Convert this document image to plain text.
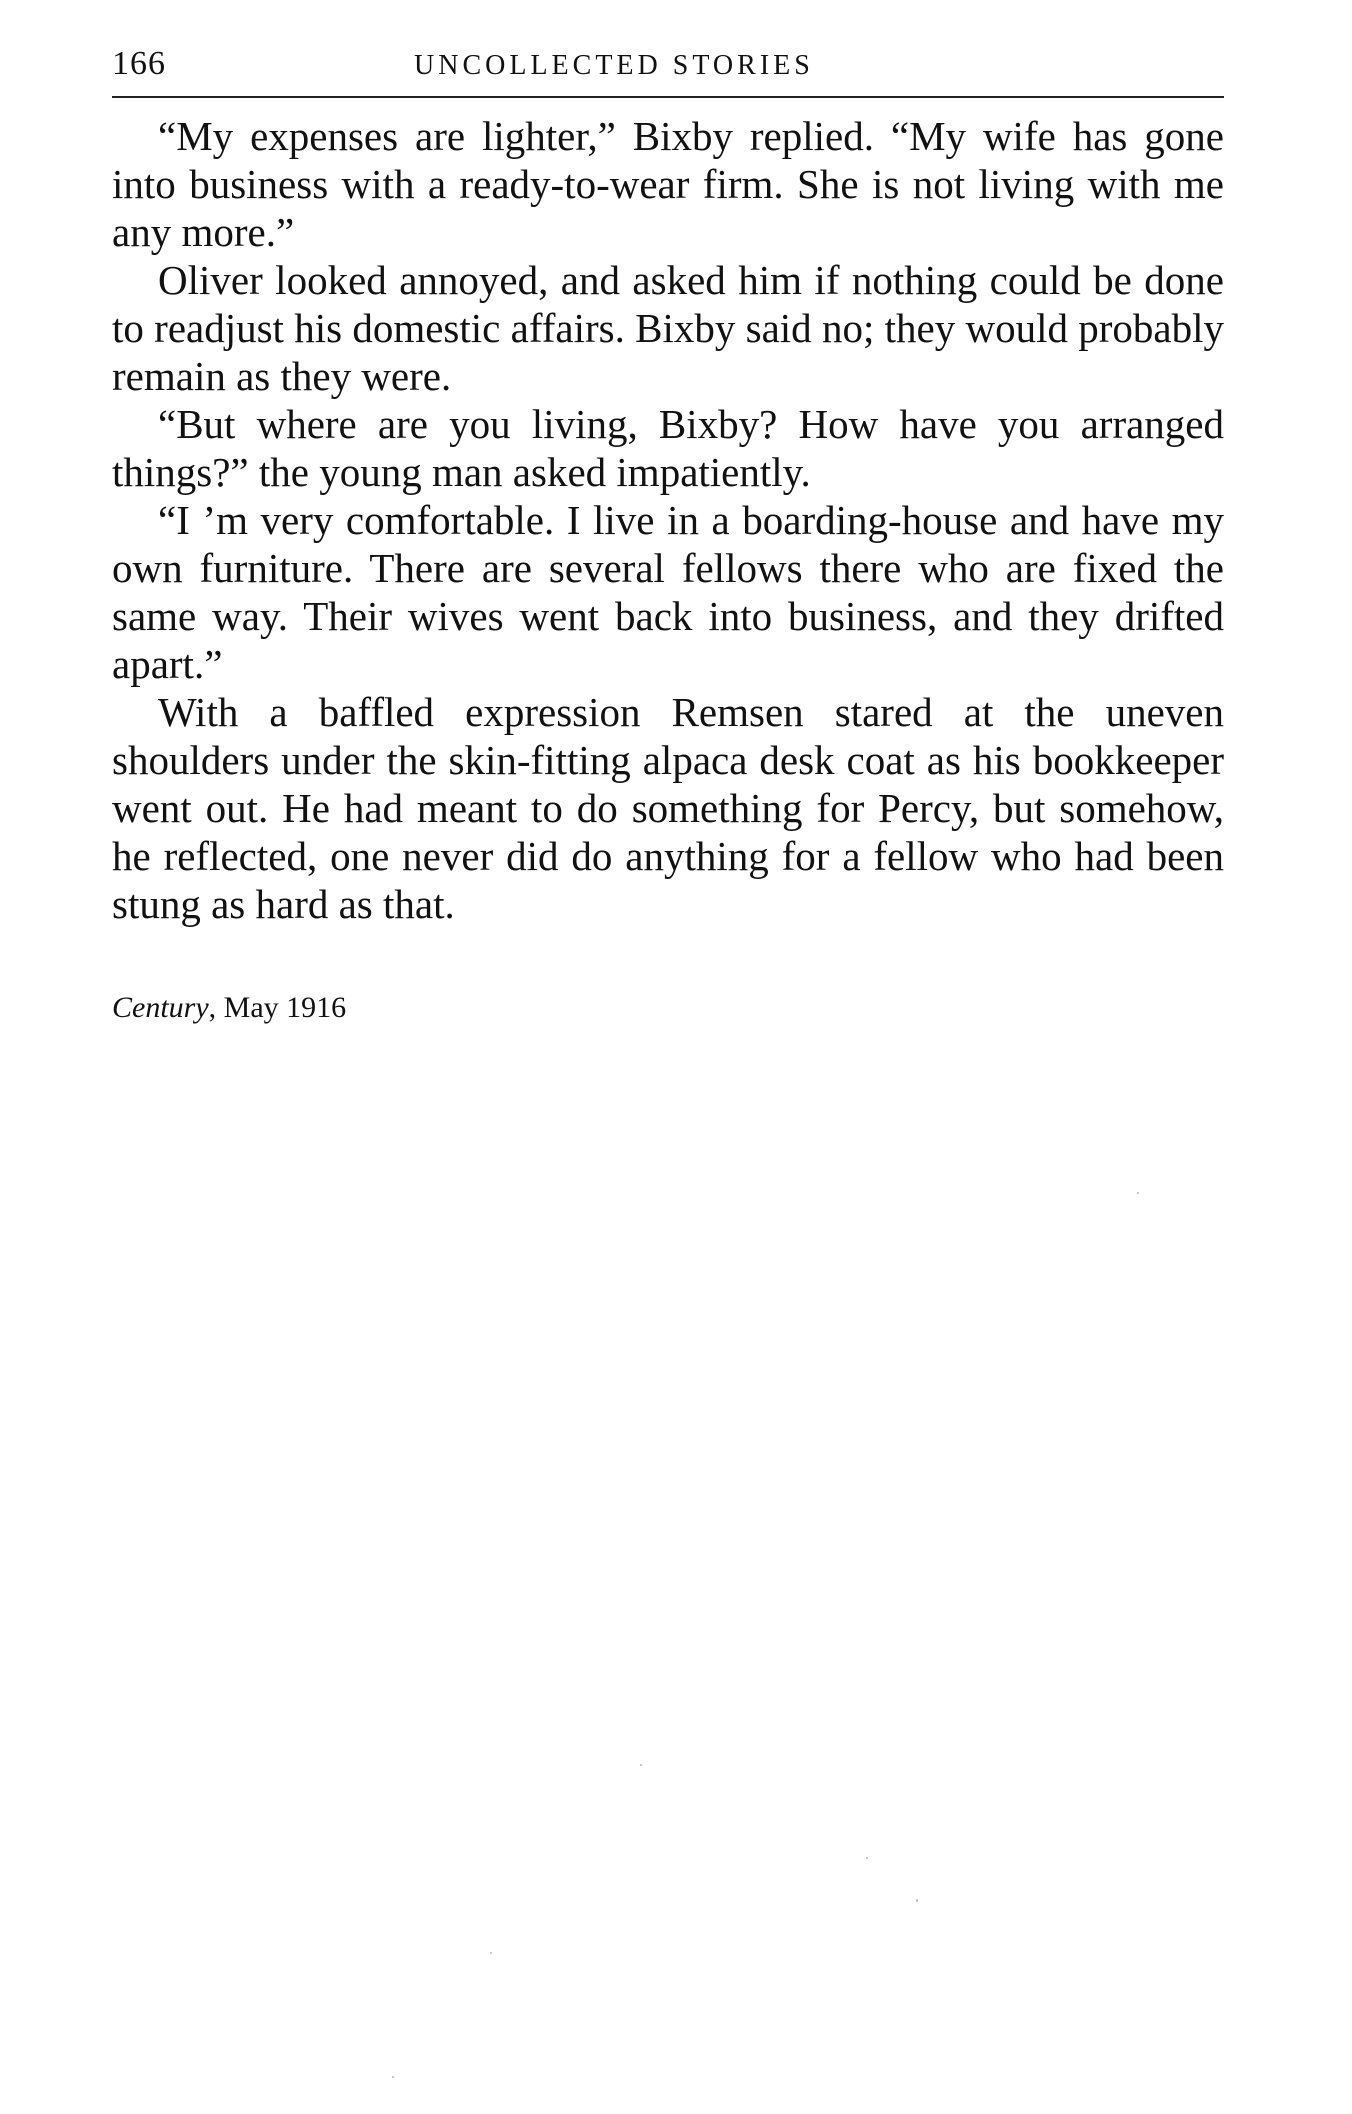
166	UNCOLLECTED STORIES

“My expenses are lighter,” Bixby replied. “My wife has gone into business with a ready-to-wear firm. She is not living with me any more.”

Oliver looked annoyed, and asked him if nothing could be done to readjust his domestic affairs. Bixby said no; they would probably remain as they were.

“But where are you living, Bixby? How have you arranged things?” the young man asked impatiently.

“I ’m very comfortable. I live in a boarding-house and have my own furniture. There are several fellows there who are fixed the same way. Their wives went back into business, and they drifted apart.”

With a baffled expression Remsen stared at the uneven shoulders under the skin-fitting alpaca desk coat as his bookkeeper went out. He had meant to do something for Percy, but somehow, he reflected, one never did do anything for a fellow who had been stung as hard as that.

Century, May 1916
